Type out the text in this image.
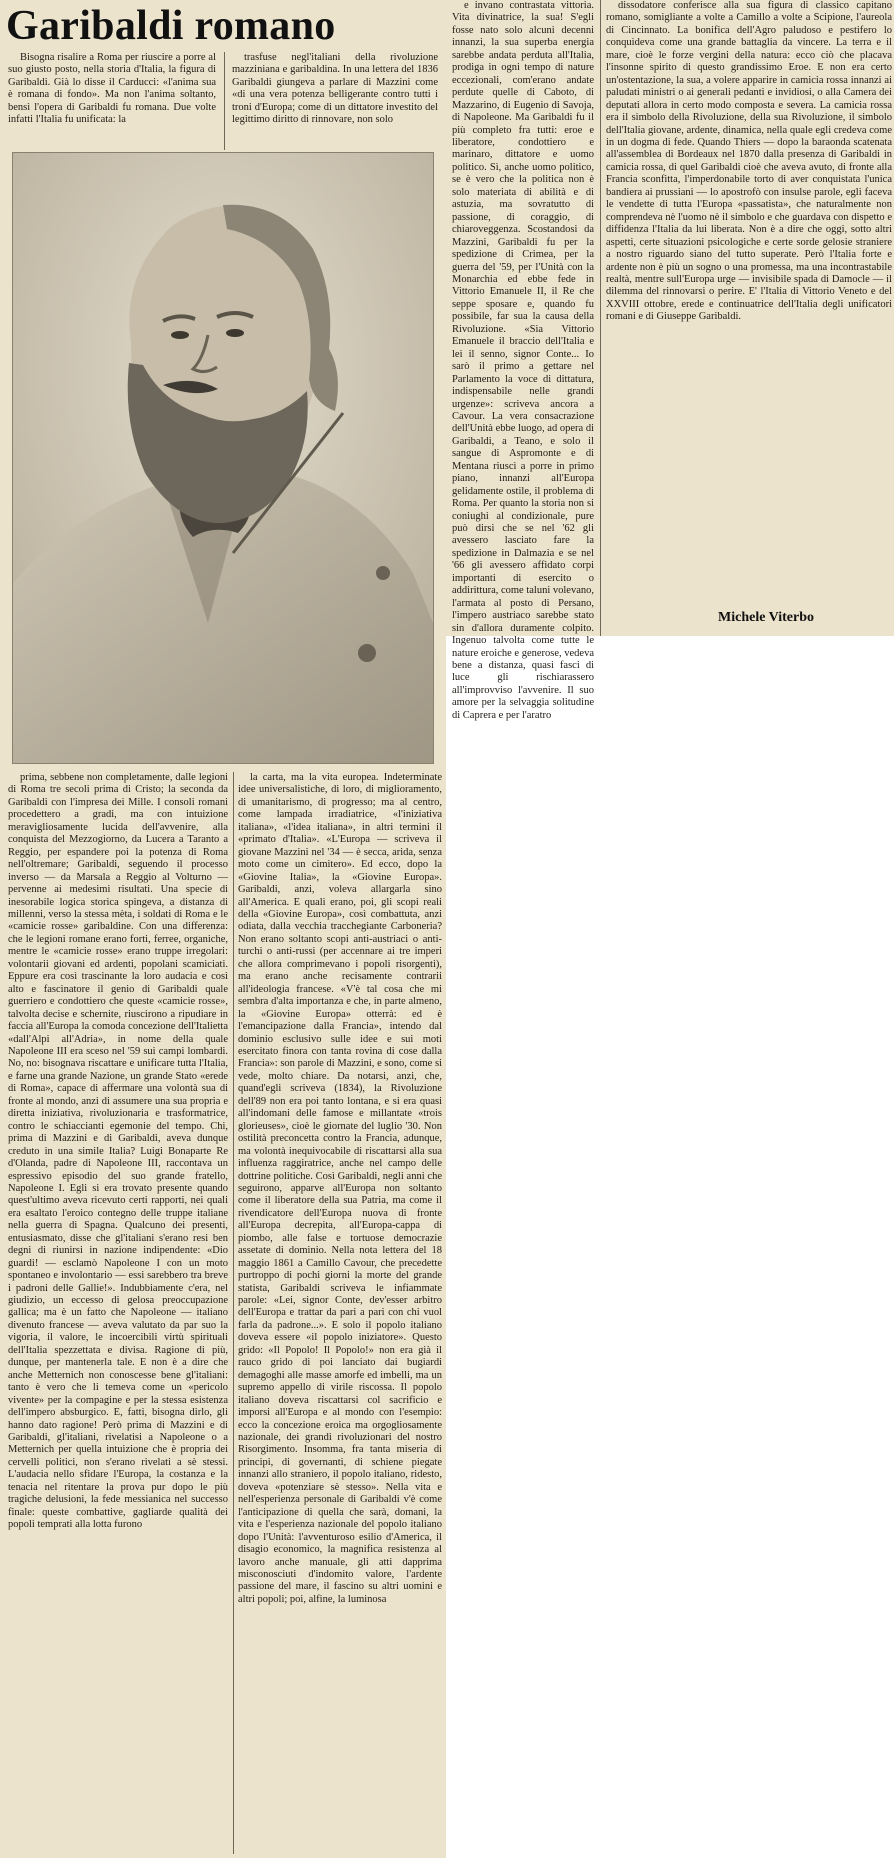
Garibaldi romano

Bisogna risalire a Roma per riuscire a porre al suo giusto posto, nella storia d'Italia, la figura di Garibaldi. Già lo disse il Carducci: «l'anima sua è romana di fondo». Ma non l'anima soltanto, bensì l'opera di Garibaldi fu romana. Due volte infatti l'Italia fu unificata: la

trasfuse negl'italiani della rivoluzione mazziniana e garibaldina. In una lettera del 1836 Garibaldi giungeva a parlare di Mazzini come «di una vera potenza belligerante contro tutti i troni d'Europa; come di un dittatore investito del legittimo diritto di rinnovare, non solo

e invano contrastata vittoria. Vita divinatrice, la sua! S'egli fosse nato solo alcuni decenni innanzi, la sua superba energia sarebbe andata perduta all'Italia, prodiga in ogni tempo di nature eccezionali, com'erano andate perdute quelle di Caboto, di Mazzarino, di Eugenio di Savoja, di Napoleone. Ma Garibaldi fu il più completo fra tutti: eroe e liberatore, condottiero e marinaro, dittatore e uomo politico. Sì, anche uomo politico, se è vero che la politica non è solo materiata di abilità e di astuzia, ma sovratutto di passione, di coraggio, di chiaroveggenza. Scostandosi da Mazzini, Garibaldi fu per la spedizione di Crimea, per la guerra del '59, per l'Unità con la Monarchia ed ebbe fede in Vittorio Emanuele II, il Re che seppe sposare e, quando fu possibile, far sua la causa della Rivoluzione. «Sia Vittorio Emanuele il braccio dell'Italia e lei il senno, signor Conte... Io sarò il primo a gettare nel Parlamento la voce di dittatura, indispensabile nelle grandi urgenze»: scriveva ancora a Cavour. La vera consacrazione dell'Unità ebbe luogo, ad opera di Garibaldi, a Teano, e solo il sangue di Aspromonte e di Mentana riuscì a porre in primo piano, innanzi all'Europa gelidamente ostile, il problema di Roma. Per quanto la storia non si coniughi al condizionale, pure può dirsi che se nel '62 gli avessero lasciato fare la spedizione in Dalmazia e se nel '66 gli avessero affidato corpi importanti di esercito o addirittura, come taluni volevano, l'armata al posto di Persano, l'impero austriaco sarebbe stato sin d'allora duramente colpito. Ingenuo talvolta come tutte le nature eroiche e generose, vedeva bene a distanza, quasi fasci di luce gli rischiarassero all'improvviso l'avvenire. Il suo amore per la selvaggia solitudine di Caprera e per l'aratro

dissodatore conferisce alla sua figura di classico capitano romano, somigliante a volte a Camillo a volte a Scipione, l'aureola di Cincinnato. La bonifica dell'Agro paludoso e pestifero lo conquideva come una grande battaglia da vincere. La terra e il mare, cioè le forze vergini della natura: ecco ciò che placava l'insonne spirito di questo grandissimo Eroe. E non era certo un'ostentazione, la sua, a volere apparire in camicia rossa innanzi ai paludati ministri o ai generali pedanti e invidiosi, o alla Camera dei deputati allora in certo modo composta e severa. La camicia rossa era il simbolo della Rivoluzione, della sua Rivoluzione, il simbolo dell'Italia giovane, ardente, dinamica, nella quale egli credeva come in un dogma di fede. Quando Thiers — dopo la baraonda scatenata all'assemblea di Bordeaux nel 1870 dalla presenza di Garibaldi in camicia rossa, di quel Garibaldi cioè che aveva avuto, di fronte alla Francia sconfitta, l'imperdonabile torto di aver conquistata l'unica bandiera ai prussiani — lo apostrofò con insulse parole, egli faceva le vendette di tutta l'Europa «passatista», che naturalmente non comprendeva nè l'uomo nè il simbolo e che guardava con dispetto e diffidenza l'Italia da lui liberata. Non è a dire che oggi, sotto altri aspetti, certe situazioni psicologiche e certe sorde gelosie straniere a nostro riguardo siano del tutto superate. Però l'Italia forte e ardente non è più un sogno o una promessa, ma una incontrastabile realtà, mentre sull'Europa urge — invisibile spada di Damocle — il dilemma del rinnovarsi o perire. E' l'Italia di Vittorio Veneto e del XXVIII ottobre, erede e continuatrice dell'Italia degli unificatori romani e di Giuseppe Garibaldi.

Michele Viterbo

prima, sebbene non completamente, dalle legioni di Roma tre secoli prima di Cristo; la seconda da Garibaldi con l'impresa dei Mille. I consoli romani procedettero a gradi, ma con intuizione meravigliosamente lucida dell'avvenire, alla conquista del Mezzogiorno, da Lucera a Taranto a Reggio, per espandere poi la potenza di Roma nell'oltremare; Garibaldi, seguendo il processo inverso — da Marsala a Reggio al Volturno — pervenne ai medesimi risultati. Una specie di inesorabile logica storica spingeva, a distanza di millenni, verso la stessa mèta, i soldati di Roma e le «camicie rosse» garibaldine. Con una differenza: che le legioni romane erano forti, ferree, organiche, mentre le «camicie rosse» erano truppe irregolari: volontarii giovani ed ardenti, popolani scamiciati. Eppure era così trascinante la loro audacia e così alto e fascinatore il genio di Garibaldi quale guerriero e condottiero che queste «camicie rosse», talvolta decise e schernite, riuscirono a ripudiare in faccia all'Europa la comoda concezione dell'Italietta «dall'Alpi all'Adria», in nome della quale Napoleone III era sceso nel '59 sui campi lombardi. No, no: bisognava riscattare e unificare tutta l'Italia, e farne una grande Nazione, un grande Stato «erede di Roma», capace di affermare una volontà sua di fronte al mondo, anzi di assumere una sua propria e diretta iniziativa, rivoluzionaria e trasformatrice, contro le schiaccianti egemonie del tempo. Chi, prima di Mazzini e di Garibaldi, aveva dunque creduto in una simile Italia? Luigi Bonaparte Re d'Olanda, padre di Napoleone III, raccontava un espressivo episodio del suo grande fratello, Napoleone I. Egli si era trovato presente quando quest'ultimo aveva ricevuto certi rapporti, nei quali era esaltato l'eroico contegno delle truppe italiane nella guerra di Spagna. Qualcuno dei presenti, entusiasmato, disse che gl'italiani s'erano resi ben degni di riunirsi in nazione indipendente: «Dio guardi! — esclamò Napoleone I con un moto spontaneo e involontario — essi sarebbero tra breve i padroni delle Gallie!». Indubbiamente c'era, nel giudizio, un eccesso di gelosa preoccupazione gallica; ma è un fatto che Napoleone — italiano divenuto francese — aveva valutato da par suo la vigoria, il valore, le incoercibili virtù spirituali dell'Italia spezzettata e divisa. Ragione di più, dunque, per mantenerla tale. E non è a dire che anche Metternich non conoscesse bene gl'italiani: tanto è vero che li temeva come un «pericolo vivente» per la compagine e per la stessa esistenza dell'impero absburgico. E, fatti, bisogna dirlo, gli hanno dato ragione! Però prima di Mazzini e di Garibaldi, gl'italiani, rivelatisi a Napoleone o a Metternich per quella intuizione che è propria dei cervelli politici, non s'erano rivelati a sè stessi. L'audacia nello sfidare l'Europa, la costanza e la tenacia nel ritentare la prova pur dopo le più tragiche delusioni, la fede messianica nel successo finale: queste combattive, gagliarde qualità dei popoli temprati alla lotta furono

la carta, ma la vita europea. Indeterminate idee universalistiche, di loro, di miglioramento, di umanitarismo, di progresso; ma al centro, come lampada irradiatrice, «l'iniziativa italiana», «l'idea italiana», in altri termini il «primato d'Italia». «L'Europa — scriveva il giovane Mazzini nel '34 — è secca, arida, senza moto come un cimitero». Ed ecco, dopo la «Giovine Italia», la «Giovine Europa». Garibaldi, anzi, voleva allargarla sino all'America. E quali erano, poi, gli scopi reali della «Giovine Europa», così combattuta, anzi odiata, dalla vecchia tracchegiante Carboneria? Non erano soltanto scopi anti-austriaci o anti-turchi o anti-russi (per accennare ai tre imperi che allora comprimevano i popoli risorgenti), ma erano anche recisamente contrarii all'ideologia francese. «V'è tal cosa che mi sembra d'alta importanza e che, in parte almeno, la «Giovine Europa» otterrà: ed è l'emancipazione dalla Francia», intendo dal dominio esclusivo sulle idee e sui moti esercitato finora con tanta rovina di cose dalla Francia»: son parole di Mazzini, e sono, come si vede, molto chiare. Da notarsi, anzi, che, quand'egli scriveva (1834), la Rivoluzione dell'89 non era poi tanto lontana, e si era quasi all'indomani delle famose e millantate «trois glorieuses», cioè le giornate del luglio '30. Non ostilità preconcetta contro la Francia, adunque, ma volontà inequivocabile di riscattarsi alla sua influenza raggiratrice, anche nel campo delle dottrine politiche. Così Garibaldi, negli anni che seguirono, apparve all'Europa non soltanto come il liberatore della sua Patria, ma come il rivendicatore dell'Europa nuova di fronte all'Europa decrepita, all'Europa-cappa di piombo, alle false e tortuose democrazie assetate di dominio. Nella nota lettera del 18 maggio 1861 a Camillo Cavour, che precedette purtroppo di pochi giorni la morte del grande statista, Garibaldi scriveva le infiammate parole: «Lei, signor Conte, dev'esser arbitro dell'Europa e trattar da pari a pari con chi vuol farla da padrone...». E solo il popolo italiano doveva essere «il popolo iniziatore». Questo grido: «Il Popolo! Il Popolo!» non era già il rauco grido di poi lanciato dai bugiardi demagoghi alle masse amorfe ed imbelli, ma un supremo appello di virile riscossa. Il popolo italiano doveva riscattarsi col sacrificio e imporsi all'Europa e al mondo con l'esempio: ecco la concezione eroica ma orgogliosamente nazionale, dei grandi rivoluzionari del nostro Risorgimento. Insomma, fra tanta miseria di principi, di governanti, di schiene piegate innanzi allo straniero, il popolo italiano, ridesto, doveva «potenziare sè stesso». Nella vita e nell'esperienza personale di Garibaldi v'è come l'anticipazione di quella che sarà, domani, la vita e l'esperienza nazionale del popolo italiano dopo l'Unità: l'avventuroso esilio d'America, il disagio economico, la magnifica resistenza al lavoro anche manuale, gli atti dapprima misconosciuti d'indomito valore, l'ardente passione del mare, il fascino su altri uomini e altri popoli; poi, alfine, la luminosa
